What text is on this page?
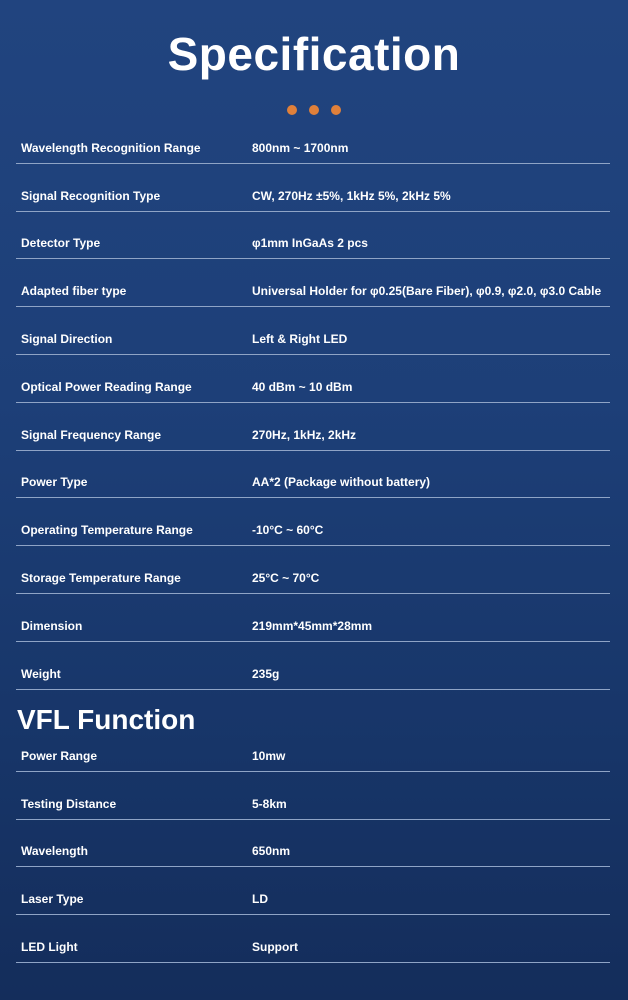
Specification
Wavelength Recognition Range	800nm ~ 1700nm
Signal Recognition Type	CW, 270Hz ±5%, 1kHz 5%, 2kHz 5%
Detector Type	φ1mm InGaAs 2 pcs
Adapted fiber type	Universal Holder for φ0.25(Bare Fiber), φ0.9, φ2.0, φ3.0 Cable
Signal Direction	Left & Right LED
Optical Power Reading Range	40 dBm ~ 10 dBm
Signal Frequency Range	270Hz, 1kHz, 2kHz
Power Type	AA*2 (Package without battery)
Operating Temperature Range	-10°C ~ 60°C
Storage Temperature Range	25°C ~ 70°C
Dimension	219mm*45mm*28mm
Weight	235g
VFL Function
Power Range	10mw
Testing Distance	5-8km
Wavelength	650nm
Laser Type	LD
LED Light	Support
